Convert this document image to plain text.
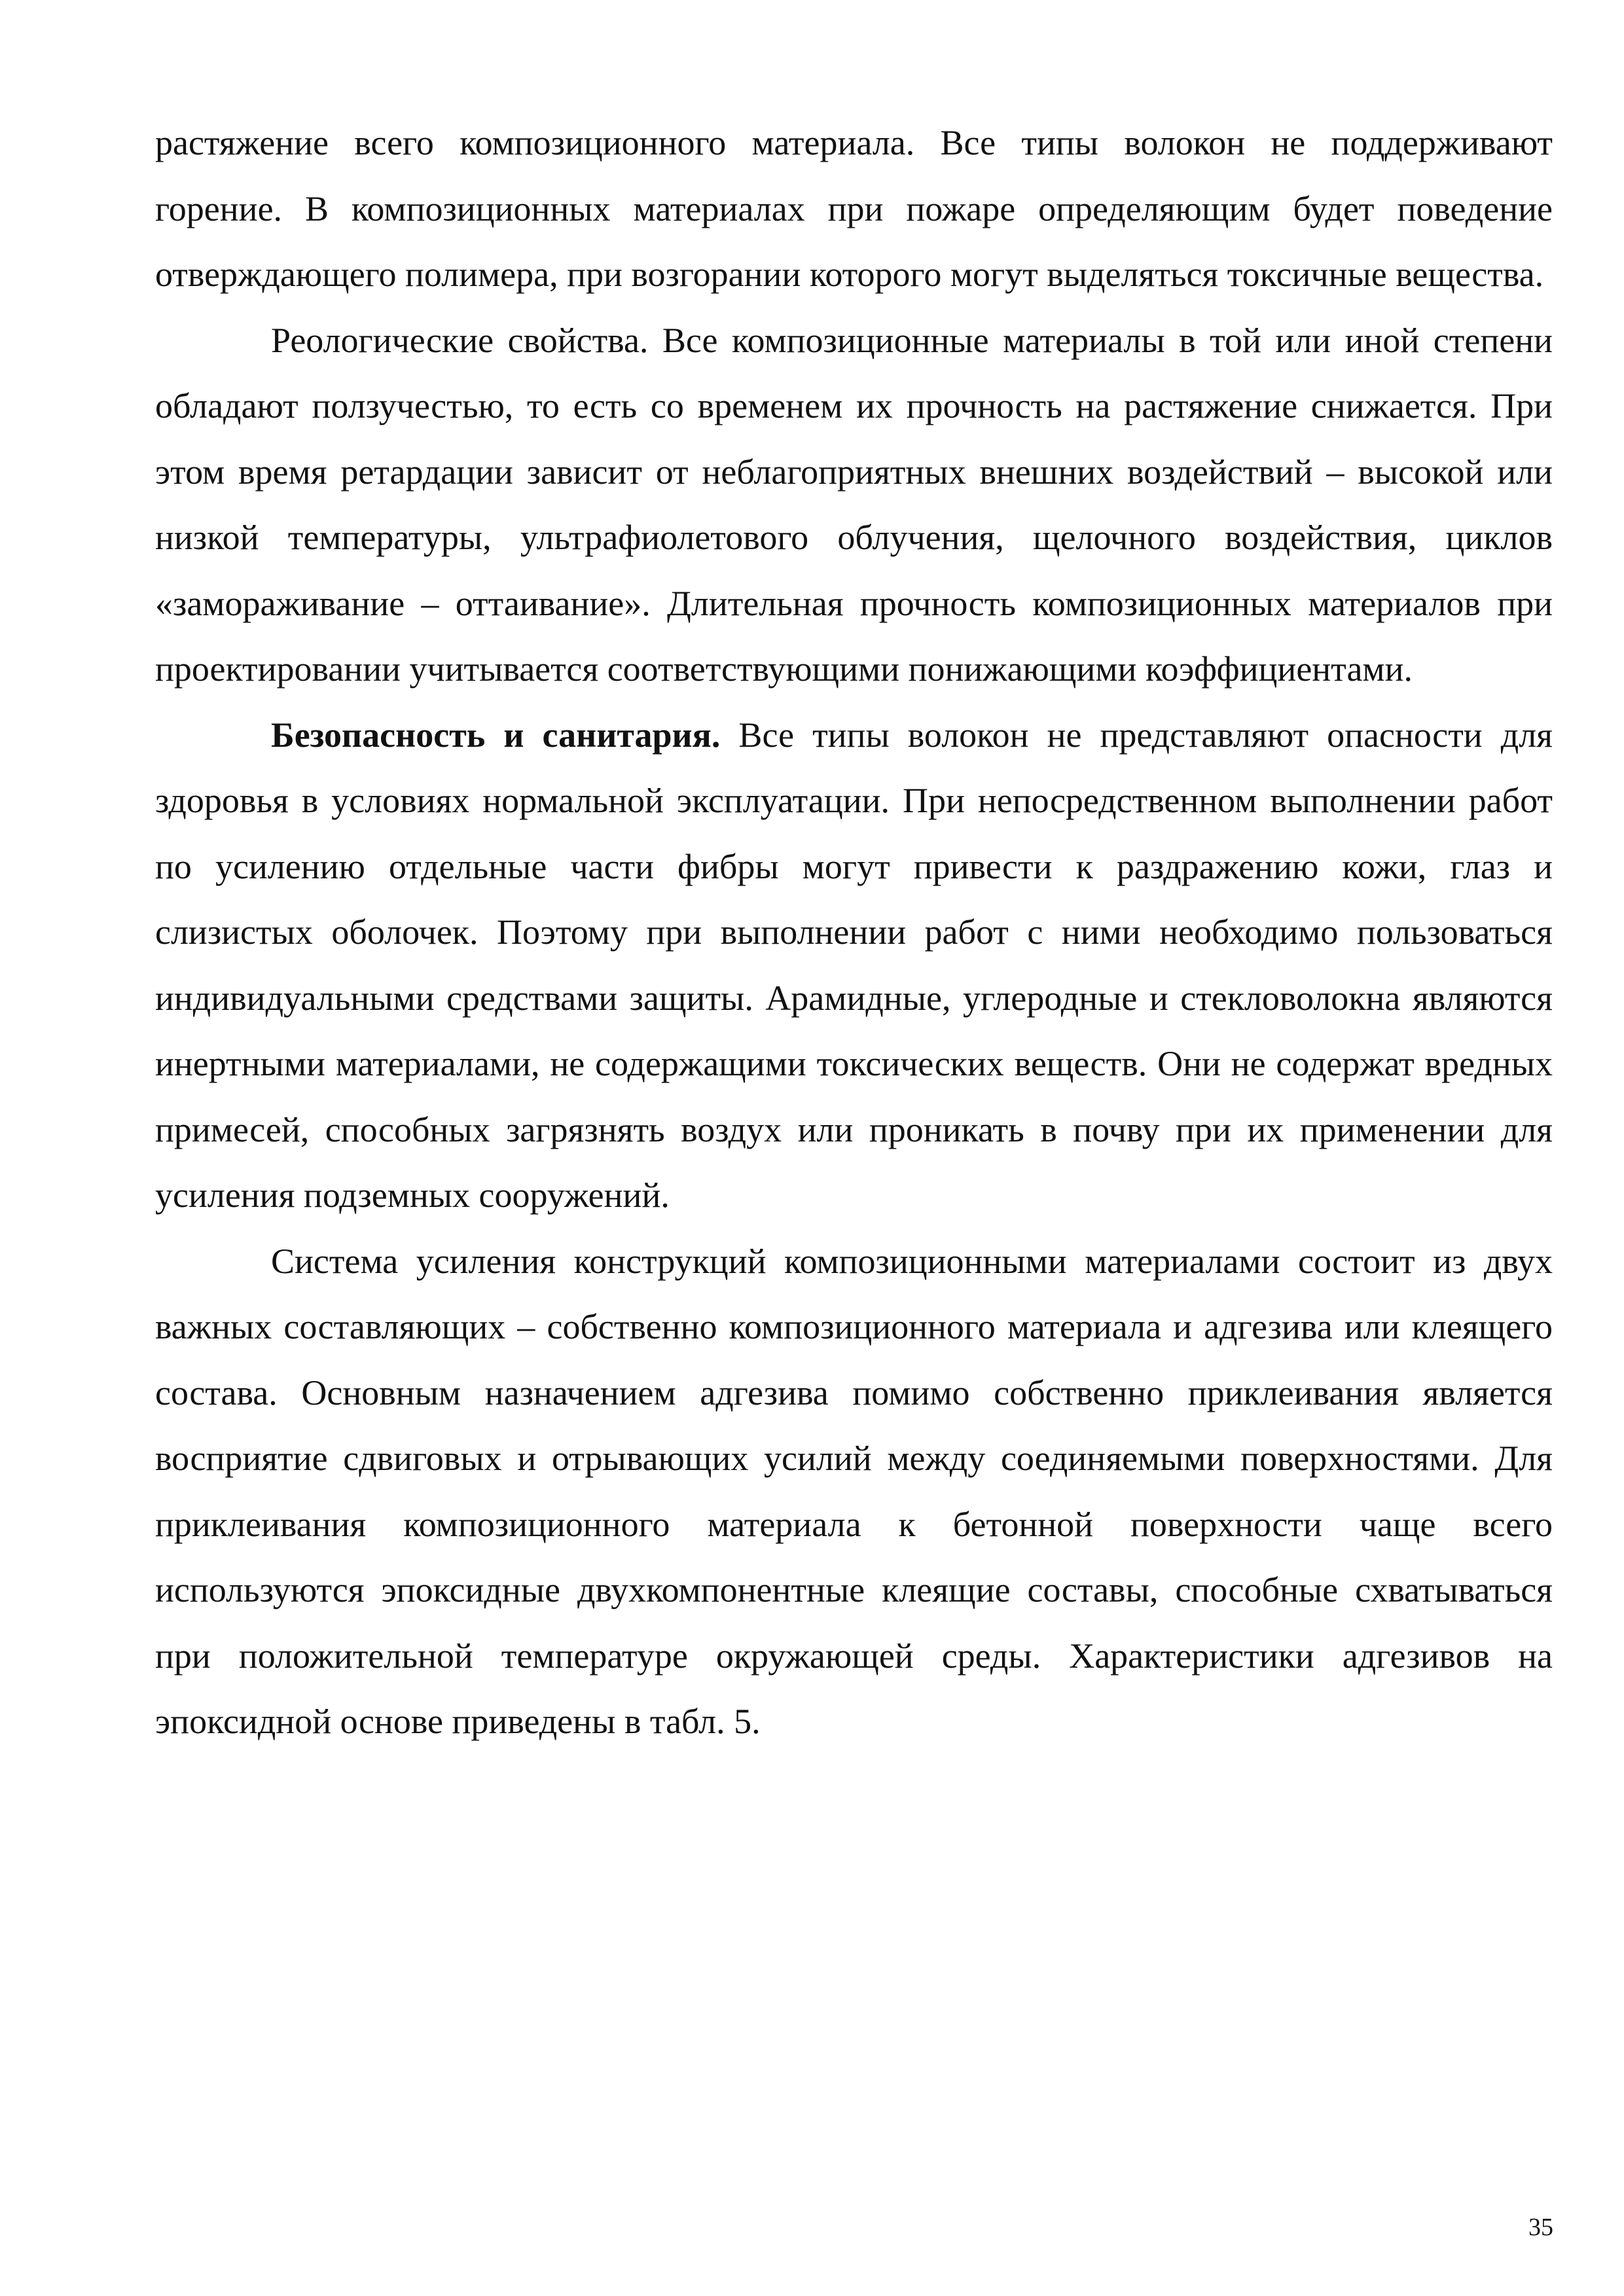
растяжение всего композиционного материала. Все типы волокон не поддерживают горение. В композиционных материалах при пожаре определяющим будет поведение отверждающего полимера, при возгорании которого могут выделяться токсичные вещества.

Реологические свойства. Все композиционные материалы в той или иной степени обладают ползучестью, то есть со временем их прочность на растяжение снижается. При этом время ретардации зависит от неблагоприятных внешних воздействий – высокой или низкой температуры, ультрафиолетового облучения, щелочного воздействия, циклов «замораживание – оттаивание». Длительная прочность композиционных материалов при проектировании учитывается соответствующими понижающими коэффициентами.

Безопасность и санитария. Все типы волокон не представляют опасности для здоровья в условиях нормальной эксплуатации. При непосредственном выполнении работ по усилению отдельные части фибры могут привести к раздражению кожи, глаз и слизистых оболочек. Поэтому при выполнении работ с ними необходимо пользоваться индивидуальными средствами защиты. Арамидные, углеродные и стекловолокна являются инертными материалами, не содержащими токсических веществ. Они не содержат вредных примесей, способных загрязнять воздух или проникать в почву при их применении для усиления подземных сооружений.

Система усиления конструкций композиционными материалами состоит из двух важных составляющих – собственно композиционного материала и адгезива или клеящего состава. Основным назначением адгезива помимо собственно приклеивания является восприятие сдвиговых и отрывающих усилий между соединяемыми поверхностями. Для приклеивания композиционного материала к бетонной поверхности чаще всего используются эпоксидные двухкомпонентные клеящие составы, способные схватываться при положительной температуре окружающей среды. Характеристики адгезивов на эпоксидной основе приведены в табл. 5.

35
